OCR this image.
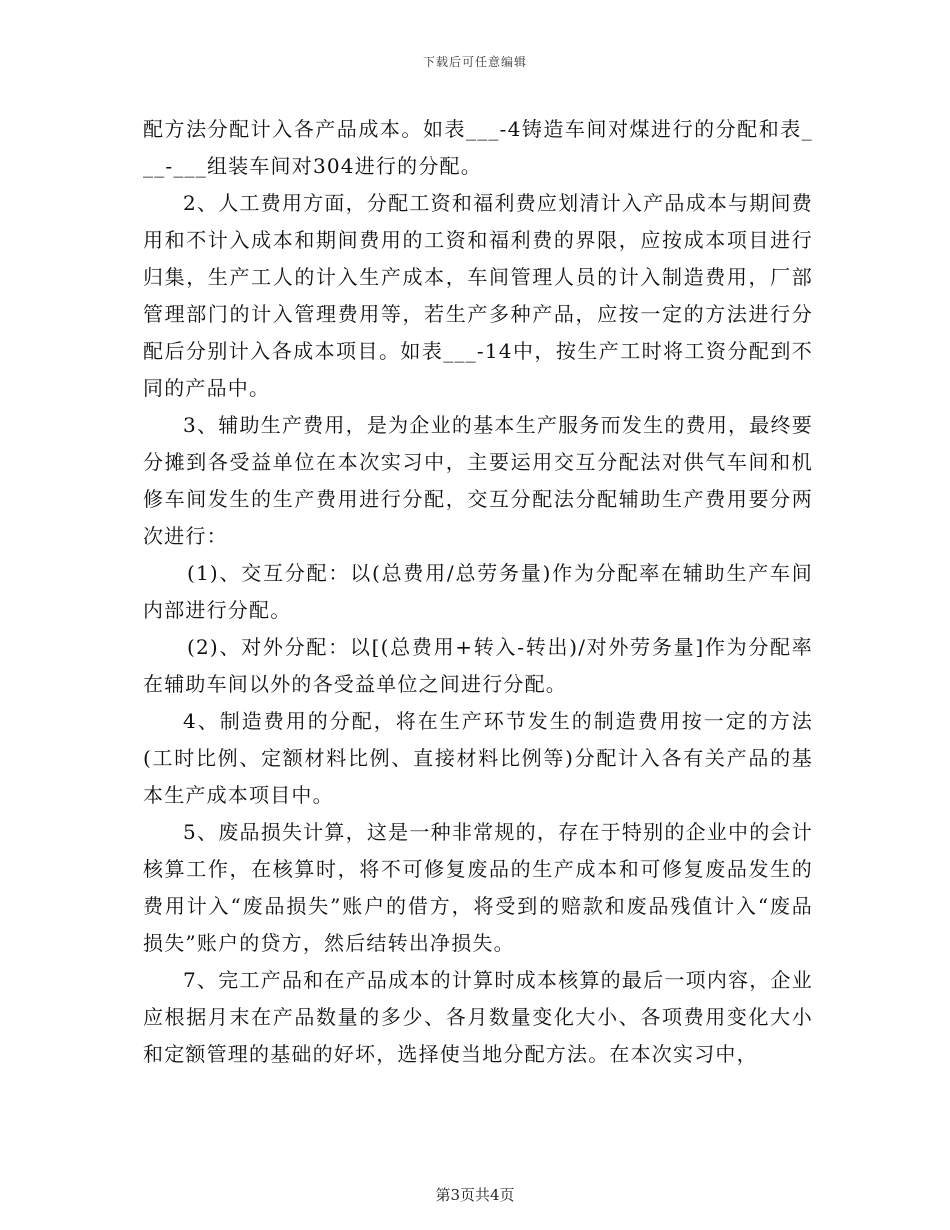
下载后可任意编辑

配方法分配计入各产品成本。如表___-4铸造车间对煤进行的分配和表___-___组装车间对304进行的分配。

2、人工费用方面，分配工资和福利费应划清计入产品成本与期间费用和不计入成本和期间费用的工资和福利费的界限，应按成本项目进行归集，生产工人的计入生产成本，车间管理人员的计入制造费用，厂部管理部门的计入管理费用等，若生产多种产品，应按一定的方法进行分配后分别计入各成本项目。如表___-14中，按生产工时将工资分配到不同的产品中。

3、辅助生产费用，是为企业的基本生产服务而发生的费用，最终要分摊到各受益单位在本次实习中，主要运用交互分配法对供气车间和机修车间发生的生产费用进行分配，交互分配法分配辅助生产费用要分两次进行：

(1)、交互分配：以(总费用/总劳务量)作为分配率在辅助生产车间内部进行分配。

(2)、对外分配：以[(总费用+转入-转出)/对外劳务量]作为分配率在辅助车间以外的各受益单位之间进行分配。

4、制造费用的分配，将在生产环节发生的制造费用按一定的方法(工时比例、定额材料比例、直接材料比例等)分配计入各有关产品的基本生产成本项目中。

5、废品损失计算，这是一种非常规的，存在于特别的企业中的会计核算工作，在核算时，将不可修复废品的生产成本和可修复废品发生的费用计入“废品损失”账户的借方，将受到的赔款和废品残值计入“废品损失”账户的贷方，然后结转出净损失。

7、完工产品和在产品成本的计算时成本核算的最后一项内容，企业应根据月末在产品数量的多少、各月数量变化大小、各项费用变化大小和定额管理的基础的好坏，选择使当地分配方法。在本次实习中，

第3页共4页
